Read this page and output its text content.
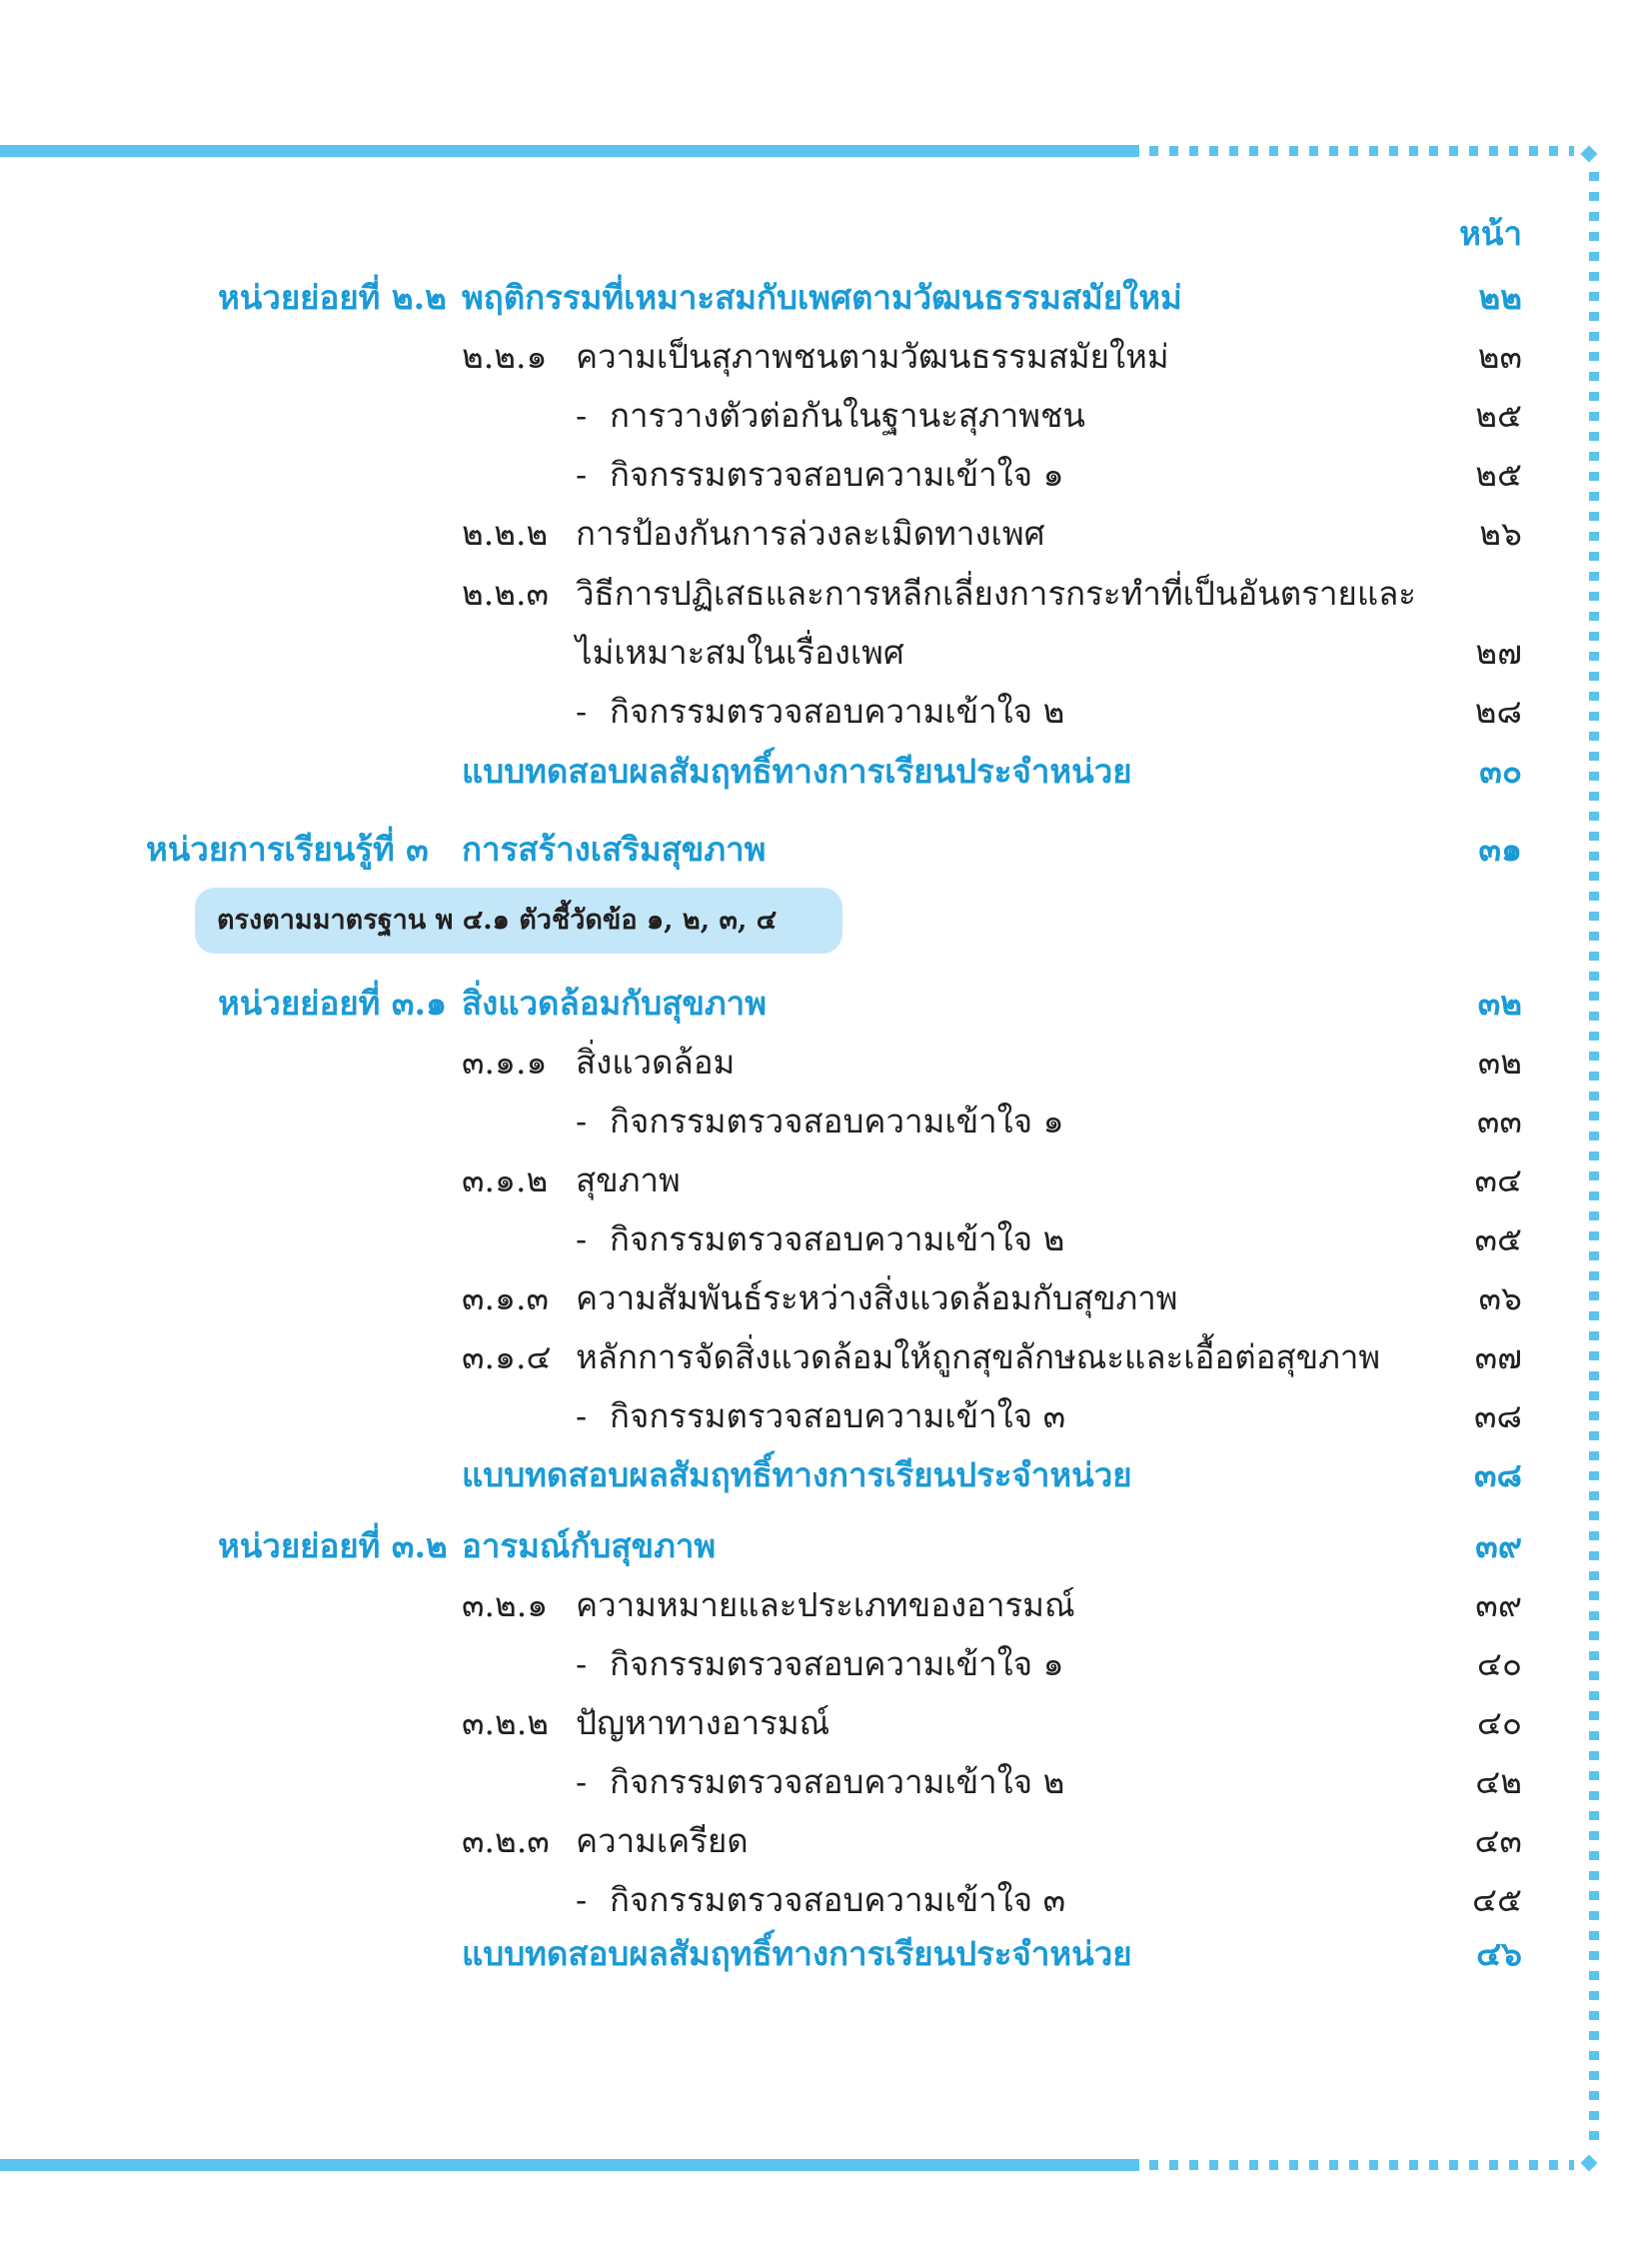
หน้า
หน่วยย่อยที่ ๒.๒ พฤติกรรมที่เหมาะสมกับเพศตามวัฒนธรรมสมัยใหม่	๒๒
๒.๒.๑ ความเป็นสุภาพชนตามวัฒนธรรมสมัยใหม่	๒๓
- การวางตัวต่อกันในฐานะสุภาพชน	๒๕
- กิจกรรมตรวจสอบความเข้าใจ ๑	๒๕
๒.๒.๒ การป้องกันการล่วงละเมิดทางเพศ	๒๖
๒.๒.๓ วิธีการปฏิเสธและการหลีกเลี่ยงการกระทำที่เป็นอันตรายและ
ไม่เหมาะสมในเรื่องเพศ	๒๗
- กิจกรรมตรวจสอบความเข้าใจ ๒	๒๘
แบบทดสอบผลสัมฤทธิ์ทางการเรียนประจำหน่วย	๓๐
หน่วยการเรียนรู้ที่ ๓ การสร้างเสริมสุขภาพ	๓๑
ตรงตามมาตรฐาน พ ๔.๑ ตัวชี้วัดข้อ ๑, ๒, ๓, ๔
หน่วยย่อยที่ ๓.๑ สิ่งแวดล้อมกับสุขภาพ	๓๒
๓.๑.๑ สิ่งแวดล้อม	๓๒
- กิจกรรมตรวจสอบความเข้าใจ ๑	๓๓
๓.๑.๒ สุขภาพ	๓๔
- กิจกรรมตรวจสอบความเข้าใจ ๒	๓๕
๓.๑.๓ ความสัมพันธ์ระหว่างสิ่งแวดล้อมกับสุขภาพ	๓๖
๓.๑.๔ หลักการจัดสิ่งแวดล้อมให้ถูกสุขลักษณะและเอื้อต่อสุขภาพ	๓๗
- กิจกรรมตรวจสอบความเข้าใจ ๓	๓๘
แบบทดสอบผลสัมฤทธิ์ทางการเรียนประจำหน่วย	๓๘
หน่วยย่อยที่ ๓.๒ อารมณ์กับสุขภาพ	๓๙
๓.๒.๑ ความหมายและประเภทของอารมณ์	๓๙
- กิจกรรมตรวจสอบความเข้าใจ ๑	๔๐
๓.๒.๒ ปัญหาทางอารมณ์	๔๐
- กิจกรรมตรวจสอบความเข้าใจ ๒	๔๒
๓.๒.๓ ความเครียด	๔๓
- กิจกรรมตรวจสอบความเข้าใจ ๓	๔๕
แบบทดสอบผลสัมฤทธิ์ทางการเรียนประจำหน่วย	๔๖
